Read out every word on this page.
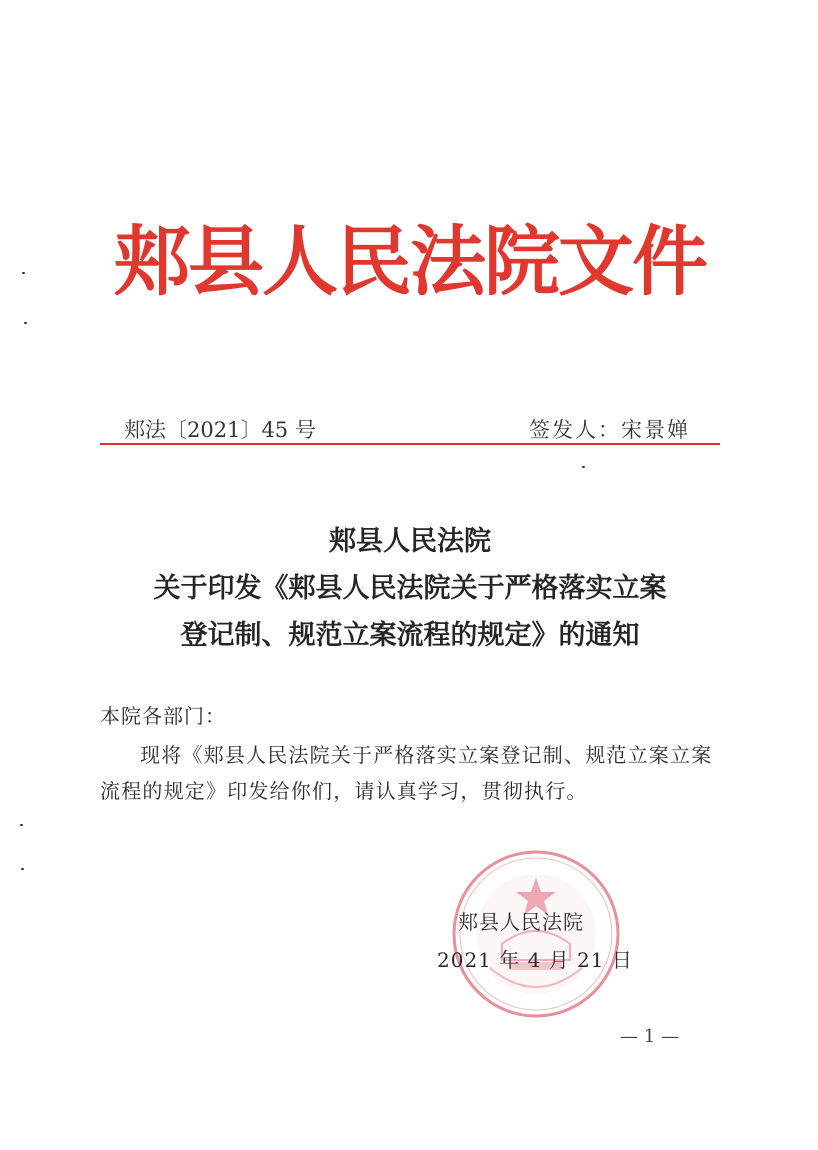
郏县人民法院文件
郏法〔2021〕45 号	签发人：宋景婵
郏县人民法院
关于印发《郏县人民法院关于严格落实立案
登记制、规范立案流程的规定》的通知
本院各部门：

现将《郏县人民法院关于严格落实立案登记制、规范立案立案流程的规定》印发给你们，请认真学习，贯彻执行。

郏县人民法院
2021 年 4 月 21 日
— 1 —
